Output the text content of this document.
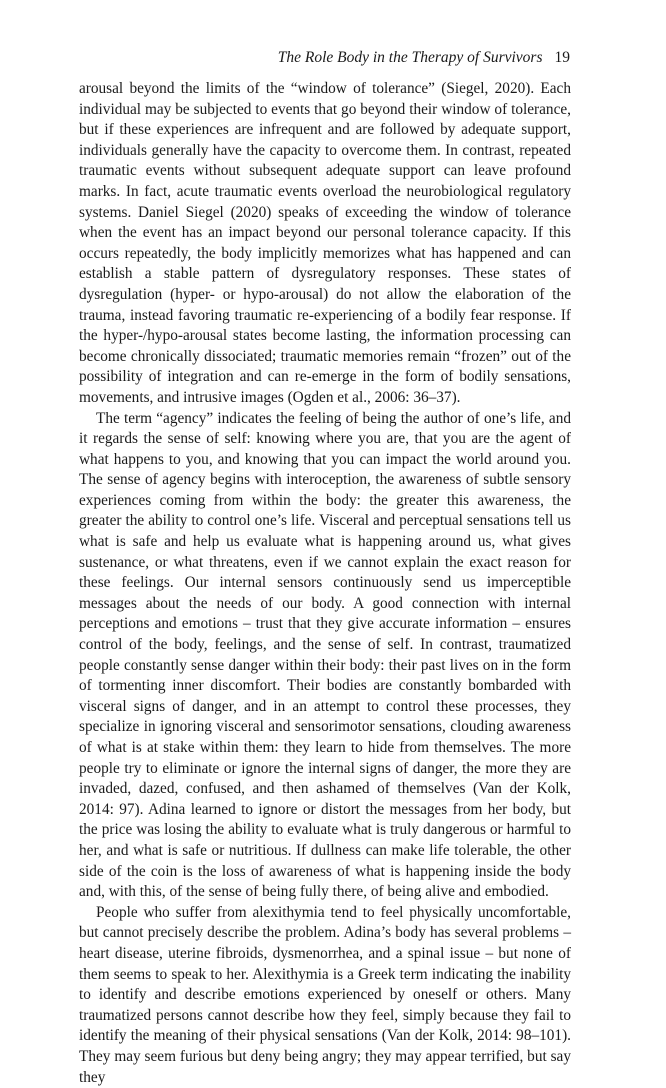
The Role Body in the Therapy of Survivors 19

arousal beyond the limits of the “window of tolerance” (Siegel, 2020). Each individual may be subjected to events that go beyond their window of tolerance, but if these experiences are infrequent and are followed by adequate support, individuals generally have the capacity to overcome them. In contrast, repeated traumatic events without subsequent adequate support can leave profound marks. In fact, acute traumatic events overload the neurobiological regulatory systems. Daniel Siegel (2020) speaks of exceeding the window of tolerance when the event has an impact beyond our personal tolerance capacity. If this occurs repeatedly, the body implicitly memorizes what has happened and can establish a stable pattern of dysregulatory responses. These states of dysregulation (hyper- or hypo-arousal) do not allow the elaboration of the trauma, instead favoring traumatic re-experiencing of a bodily fear response. If the hyper-/hypo-arousal states become lasting, the information processing can become chronically dissociated; traumatic memories remain “frozen” out of the possibility of integration and can re-emerge in the form of bodily sensations, movements, and intrusive images (Ogden et al., 2006: 36–37).

The term “agency” indicates the feeling of being the author of one’s life, and it regards the sense of self: knowing where you are, that you are the agent of what happens to you, and knowing that you can impact the world around you. The sense of agency begins with interoception, the awareness of subtle sensory experiences coming from within the body: the greater this awareness, the greater the ability to control one’s life. Visceral and perceptual sensations tell us what is safe and help us evaluate what is happening around us, what gives sustenance, or what threatens, even if we cannot explain the exact reason for these feelings. Our internal sensors continuously send us imperceptible messages about the needs of our body. A good connection with internal perceptions and emotions – trust that they give accurate information – ensures control of the body, feelings, and the sense of self. In contrast, traumatized people constantly sense danger within their body: their past lives on in the form of tormenting inner discomfort. Their bodies are constantly bombarded with visceral signs of danger, and in an attempt to control these processes, they specialize in ignoring visceral and sensorimotor sensations, clouding awareness of what is at stake within them: they learn to hide from themselves. The more people try to eliminate or ignore the internal signs of danger, the more they are invaded, dazed, confused, and then ashamed of themselves (Van der Kolk, 2014: 97). Adina learned to ignore or distort the messages from her body, but the price was losing the ability to evaluate what is truly dangerous or harmful to her, and what is safe or nutritious. If dullness can make life tolerable, the other side of the coin is the loss of awareness of what is happening inside the body and, with this, of the sense of being fully there, of being alive and embodied.

People who suffer from alexithymia tend to feel physically uncomfortable, but cannot precisely describe the problem. Adina’s body has several problems – heart disease, uterine fibroids, dysmenorrhea, and a spinal issue – but none of them seems to speak to her. Alexithymia is a Greek term indicating the inability to identify and describe emotions experienced by oneself or others. Many traumatized persons cannot describe how they feel, simply because they fail to identify the meaning of their physical sensations (Van der Kolk, 2014: 98–101). They may seem furious but deny being angry; they may appear terrified, but say they
